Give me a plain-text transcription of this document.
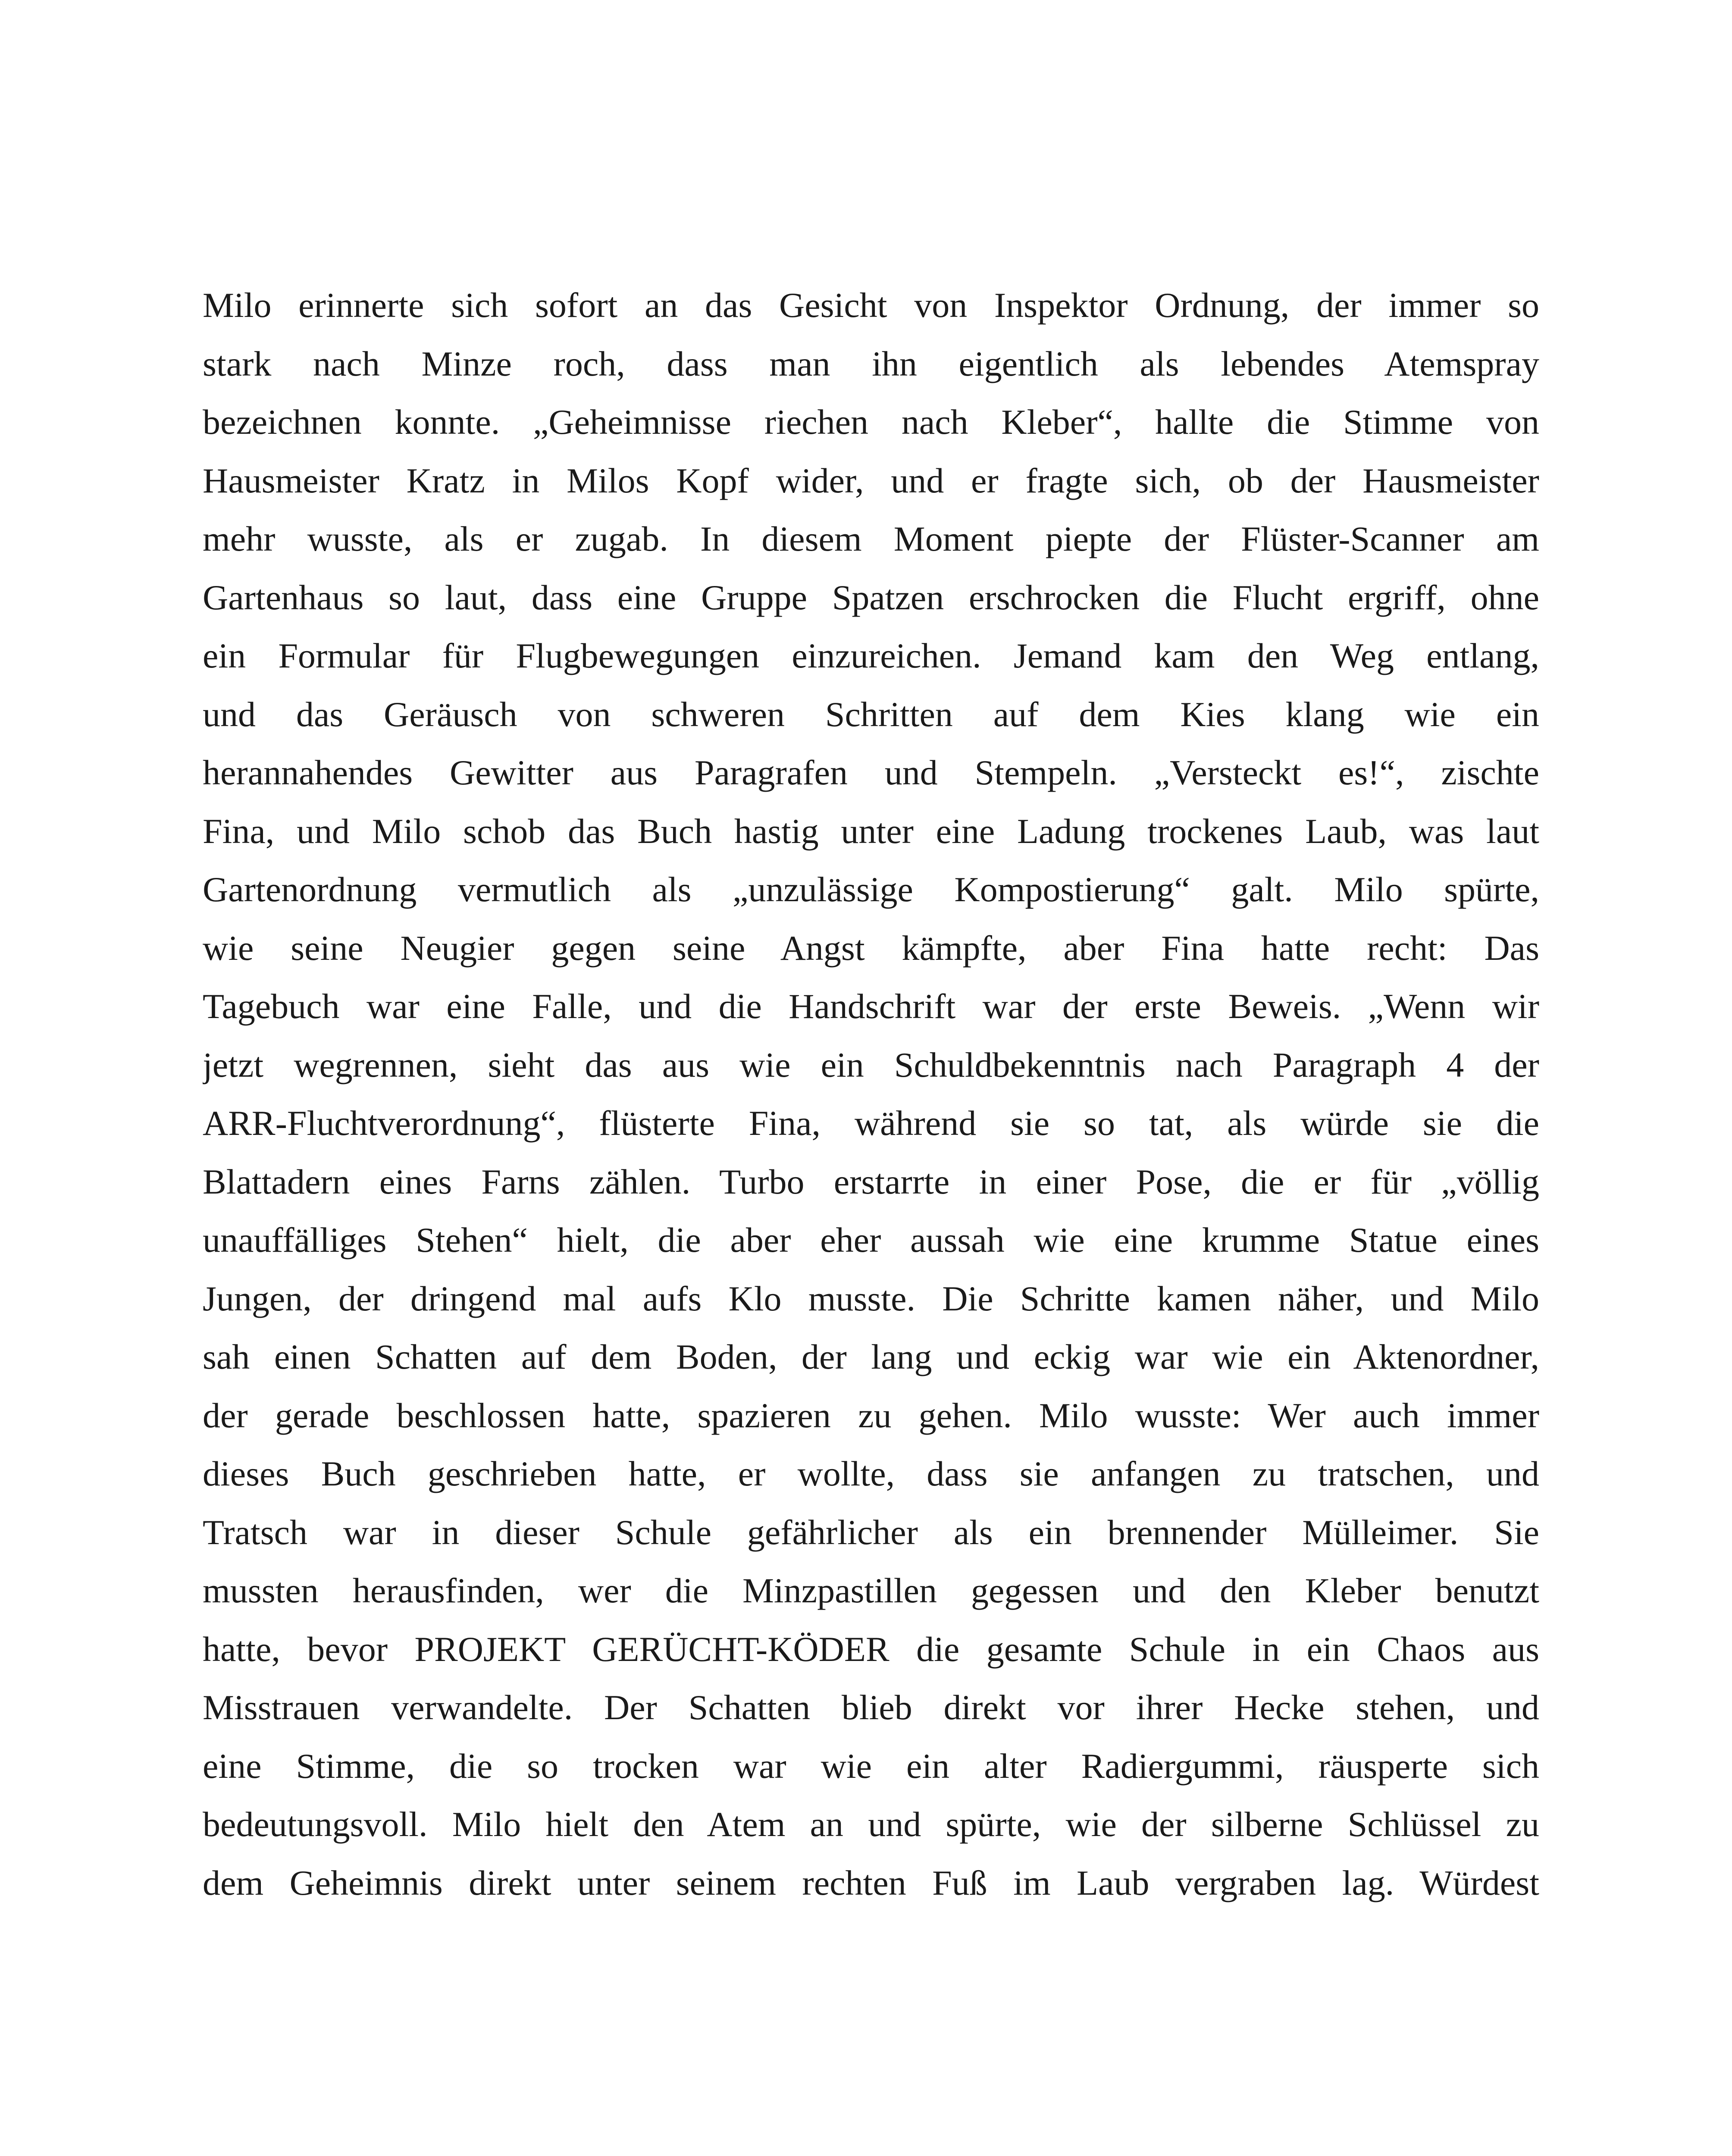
Milo erinnerte sich sofort an das Gesicht von Inspektor Ordnung, der immer so
stark nach Minze roch, dass man ihn eigentlich als lebendes Atemspray
bezeichnen konnte. „Geheimnisse riechen nach Kleber“, hallte die Stimme von
Hausmeister Kratz in Milos Kopf wider, und er fragte sich, ob der Hausmeister
mehr wusste, als er zugab. In diesem Moment piepte der Flüster-Scanner am
Gartenhaus so laut, dass eine Gruppe Spatzen erschrocken die Flucht ergriff, ohne
ein Formular für Flugbewegungen einzureichen. Jemand kam den Weg entlang,
und das Geräusch von schweren Schritten auf dem Kies klang wie ein
herannahendes Gewitter aus Paragrafen und Stempeln. „Versteckt es!“, zischte
Fina, und Milo schob das Buch hastig unter eine Ladung trockenes Laub, was laut
Gartenordnung vermutlich als „unzulässige Kompostierung“ galt. Milo spürte,
wie seine Neugier gegen seine Angst kämpfte, aber Fina hatte recht: Das
Tagebuch war eine Falle, und die Handschrift war der erste Beweis. „Wenn wir
jetzt wegrennen, sieht das aus wie ein Schuldbekenntnis nach Paragraph 4 der
ARR-Fluchtverordnung“, flüsterte Fina, während sie so tat, als würde sie die
Blattadern eines Farns zählen. Turbo erstarrte in einer Pose, die er für „völlig
unauffälliges Stehen“ hielt, die aber eher aussah wie eine krumme Statue eines
Jungen, der dringend mal aufs Klo musste. Die Schritte kamen näher, und Milo
sah einen Schatten auf dem Boden, der lang und eckig war wie ein Aktenordner,
der gerade beschlossen hatte, spazieren zu gehen. Milo wusste: Wer auch immer
dieses Buch geschrieben hatte, er wollte, dass sie anfangen zu tratschen, und
Tratsch war in dieser Schule gefährlicher als ein brennender Mülleimer. Sie
mussten herausfinden, wer die Minzpastillen gegessen und den Kleber benutzt
hatte, bevor PROJEKT GERÜCHT-KÖDER die gesamte Schule in ein Chaos aus
Misstrauen verwandelte. Der Schatten blieb direkt vor ihrer Hecke stehen, und
eine Stimme, die so trocken war wie ein alter Radiergummi, räusperte sich
bedeutungsvoll. Milo hielt den Atem an und spürte, wie der silberne Schlüssel zu
dem Geheimnis direkt unter seinem rechten Fuß im Laub vergraben lag. Würdest
